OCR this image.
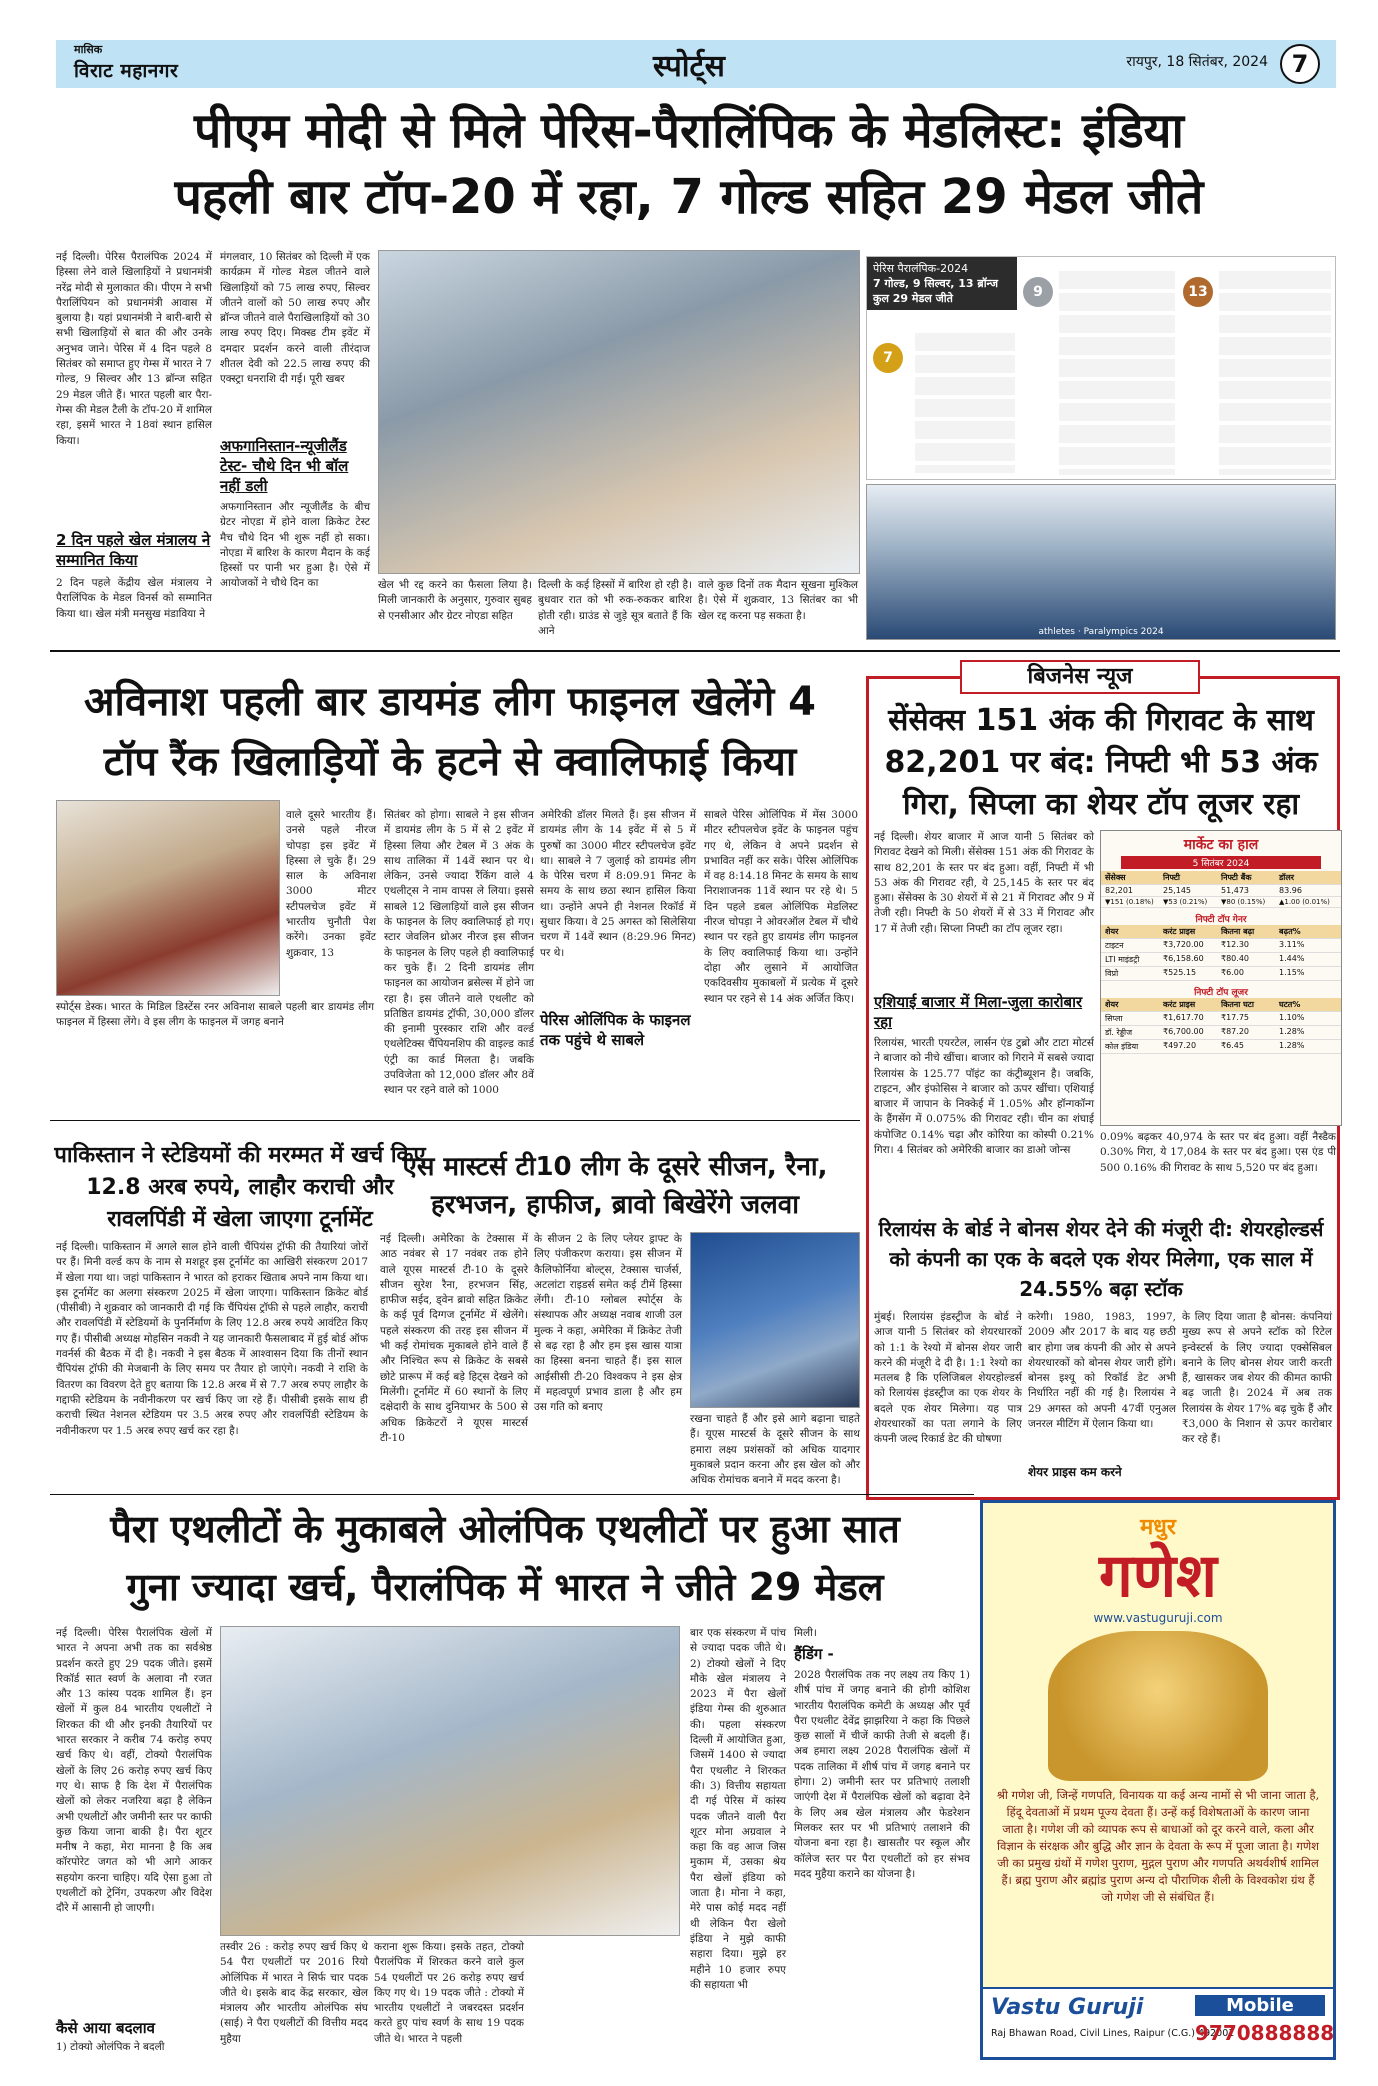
मासिक
विराट महानगर	स्पोर्ट्स	रायपुर, 18 सितंबर, 2024 7
पीएम मोदी से मिले पेरिस-पैरालिंपिक के मेडलिस्ट: इंडिया
पहली बार टॉप-20 में रहा, 7 गोल्ड सहित 29 मेडल जीते
नई दिल्ली। पेरिस पैरालंपिक 2024 में हिस्सा लेने वाले खिलाड़ियों ने प्रधानमंत्री नरेंद्र मोदी से मुलाकात की। पीएम ने सभी पैरालिंपियन को प्रधानमंत्री आवास में बुलाया है। यहां प्रधानमंत्री ने बारी-बारी से सभी खिलाड़ियों से बात की और उनके अनुभव जाने। पेरिस में 4 दिन पहले 8 सितंबर को समाप्त हुए गेम्स में भारत ने 7 गोल्ड, 9 सिल्वर और 13 ब्रॉन्ज सहित 29 मेडल जीते हैं। भारत पहली बार पैरा-गेम्स की मेडल टैली के टॉप-20 में शामिल रहा, इसमें भारत ने 18वां स्थान हासिल किया।
2 दिन पहले खेल मंत्रालय ने सम्मानित किया
2 दिन पहले केंद्रीय खेल मंत्रालय ने पैरालिंपिक के मेडल विनर्स को सम्मानित किया था। खेल मंत्री मनसुख मंडाविया ने
मंगलवार, 10 सितंबर को दिल्ली में एक कार्यक्रम में गोल्ड मेडल जीतने वाले खिलाड़ियों को 75 लाख रुपए, सिल्वर जीतने वालों को 50 लाख रुपए और ब्रॉन्ज जीतने वाले पैराखिलाड़ियों को 30 लाख रुपए दिए। मिक्स्ड टीम इवेंट में दमदार प्रदर्शन करने वाली तीरंदाज शीतल देवी को 22.5 लाख रुपए की एक्स्ट्रा धनराशि दी गई। पूरी खबर
अफगानिस्तान-न्यूजीलैंड टेस्ट- चौथे दिन भी बॉल नहीं डली
अफगानिस्तान और न्यूजीलैंड के बीच ग्रेटर नोएडा में होने वाला क्रिकेट टेस्ट मैच चौथे दिन भी शुरू नहीं हो सका। नोएडा में बारिश के कारण मैदान के कई हिस्सों पर पानी भर हुआ है। ऐसे में आयोजकों ने चौथे दिन का	खेल भी रद्द करने का फैसला लिया है। मिली जानकारी के अनुसार, गुरुवार सुबह से एनसीआर और ग्रेटर नोएडा सहित
दिल्ली के कई हिस्सों में बारिश हो रही है। बुधवार रात को भी रुक-रुककर बारिश होती रही। ग्राउंड से जुड़े सूत्र बताते हैं कि आने
वाले कुछ दिनों तक मैदान सूखना मुश्किल है। ऐसे में शुक्रवार, 13 सितंबर का भी खेल रद्द करना पड़ सकता है।
पेरिस पैरालंपिक-2024
7 गोल्ड, 9 सिल्वर, 13 ब्रॉन्ज कुल 29 मेडल जीते
7
9	13
athletes · Paralympics 2024
अविनाश पहली बार डायमंड लीग फाइनल खेलेंगे 4
टॉप रैंक खिलाड़ियों के हटने से क्वालिफाई किया
वाले दूसरे भारतीय हैं। उनसे पहले नीरज चोपड़ा इस इवेंट में हिस्सा ले चुके हैं। 29 साल के अविनाश 3000 मीटर स्टीपलचेज इवेंट में भारतीय चुनौती पेश करेंगे। उनका इवेंट शुक्रवार, 13
स्पोर्ट्स डेस्क। भारत के मिडिल डिस्टेंस रनर अविनाश साबले पहली बार डायमंड लीग फाइनल में हिस्सा लेंगे। वे इस लीग के फाइनल में जगह बनाने
सितंबर को होगा। साबले ने इस सीजन में डायमंड लीग के 5 में से 2 इवेंट में हिस्सा लिया और टेबल में 3 अंक के साथ तालिका में 14वें स्थान पर थे। लेकिन, उनसे ज्यादा रैंकिंग वाले 4 एथलीट्स ने नाम वापस ले लिया। इससे साबले 12 खिलाड़ियों वाले इस सीजन के फाइनल के लिए क्वालिफाई हो गए। स्टार जेवलिन थ्रोअर नीरज इस सीजन के फाइनल के लिए पहले ही क्वालिफाई कर चुके हैं। 2 दिनी डायमंड लीग फाइनल का आयोजन ब्रसेल्स में होने जा रहा है। इस जीतने वाले एथलीट को प्रतिष्ठित डायमंड ट्रॉफी, 30,000 डॉलर की इनामी पुरस्कार राशि और वर्ल्ड एथलेटिक्स चैंपियनशिप की वाइल्ड कार्ड एंट्री का कार्ड मिलता है। जबकि उपविजेता को 12,000 डॉलर और 8वें स्थान पर रहने वाले को 1000
अमेरिकी डॉलर मिलते हैं। इस सीजन में डायमंड लीग के 14 इवेंट में से 5 में पुरुषों का 3000 मीटर स्टीपलचेज इवेंट था। साबले ने 7 जुलाई को डायमंड लीग के पेरिस चरण में 8:09.91 मिनट के समय के साथ छठा स्थान हासिल किया था। उन्होंने अपने ही नेशनल रिकॉर्ड में सुधार किया। वे 25 अगस्त को सिलेसिया चरण में 14वें स्थान (8:29.96 मिनट) पर थे।
पेरिस ओलिंपिक के फाइनल तक पहुंचे थे साबले
साबले पेरिस ओलिंपिक में मेंस 3000 मीटर स्टीपलचेज इवेंट के फाइनल पहुंच गए थे, लेकिन वे अपने प्रदर्शन से प्रभावित नहीं कर सके। पेरिस ओलिंपिक में वह 8:14.18 मिनट के समय के साथ निराशाजनक 11वें स्थान पर रहे थे। 5 दिन पहले डबल ओलिंपिक मेडलिस्ट नीरज चोपड़ा ने ओवरऑल टेबल में चौथे स्थान पर रहते हुए डायमंड लीग फाइनल के लिए क्वालिफाई किया था। उन्होंने दोहा और लुसाने में आयोजित एकदिवसीय मुकाबलों में प्रत्येक में दूसरे स्थान पर रहने से 14 अंक अर्जित किए।
पाकिस्तान ने स्टेडियमों की मरम्मत में खर्च किए 12.8 अरब रुपये, लाहौर कराची और रावलपिंडी में खेला जाएगा टूर्नामेंट
नई दिल्ली। पाकिस्तान में अगले साल होने वाली चैंपियंस ट्रॉफी की तैयारियां जोरों पर हैं। मिनी वर्ल्ड कप के नाम से मशहूर इस टूर्नामेंट का आखिरी संस्करण 2017 में खेला गया था। जहां पाकिस्तान ने भारत को हराकर खिताब अपने नाम किया था। इस टूर्नामेंट का अलगा संस्करण 2025 में खेला जाएगा। पाकिस्तान क्रिकेट बोर्ड (पीसीबी) ने शुक्रवार को जानकारी दी गई कि चैंपियंस ट्रॉफी से पहले लाहौर, कराची और रावलपिंडी में स्टेडियमों के पुनर्निर्माण के लिए 12.8 अरब रुपये आवंटित किए गए हैं। पीसीबी अध्यक्ष मोहसिन नकवी ने यह जानकारी फैसलाबाद में हुई बोर्ड ऑफ गवर्नर्स की बैठक में दी है। नकवी ने इस बैठक में आश्वासन दिया कि तीनों स्थान चैंपियंस ट्रॉफी की मेजबानी के लिए समय पर तैयार हो जाएंगे। नकवी ने राशि के वितरण का विवरण देते हुए बताया कि 12.8 अरब में से 7.7 अरब रुपए लाहौर के गद्दाफी स्टेडियम के नवीनीकरण पर खर्च किए जा रहे हैं। पीसीबी इसके साथ ही कराची स्थित नेशनल स्टेडियम पर 3.5 अरब रुपए और रावलपिंडी स्टेडियम के नवीनीकरण पर 1.5 अरब रुपए खर्च कर रहा है।
एस मास्टर्स टी10 लीग के दूसरे सीजन, रैना, हरभजन, हाफीज, ब्रावो बिखेरेंगे जलवा
नई दिल्ली। अमेरिका के टेक्सास में आठ नवंबर से 17 नवंबर तक होने वाले यूएस मास्टर्स टी-10 के दूसरे सीजन सुरेश रैना, हरभजन सिंह, हाफीज सईद, ड्वेन ब्रावो सहित क्रिकेट के कई पूर्व दिग्गज टूर्नामेंट में खेलेंगे। पहले संस्करण की तरह इस सीजन में भी कई रोमांचक मुकाबले होने वाले हैं और निश्चित रूप से क्रिकेट के सबसे छोटे प्रारूप में कई बड़े हिट्स देखने को मिलेंगी। टूर्नामेंट में 60 स्थानों के लिए दक्षेदारी के साथ दुनियाभर के 500 से अधिक क्रिकेटरों ने यूएस मास्टर्स टी-10
के सीजन 2 के लिए प्लेयर ड्राफ्ट के लिए पंजीकरण कराया। इस सीजन में कैलिफोर्निया बोल्ट्स, टेक्सास चार्जर्स, अटलांटा राइडर्स समेत कई टीमें हिस्सा लेंगी। टी-10 ग्लोबल स्पोर्ट्स के संस्थापक और अध्यक्ष नवाब शाजी उल मुल्क ने कहा, अमेरिका में क्रिकेट तेजी से बढ़ रहा है और हम इस खास यात्रा का हिस्सा बनना चाहते हैं। इस साल आईसीसी टी-20 विश्वकप ने इस क्षेत्र में महत्वपूर्ण प्रभाव डाला है और हम उस गति को बनाए
रखना चाहते हैं और इसे आगे बढ़ाना चाहते हैं। यूएस मास्टर्स के दूसरे सीजन के साथ हमारा लक्ष्य प्रशंसकों को अधिक यादगार मुकाबले प्रदान करना और इस खेल को और अधिक रोमांचक बनाने में मदद करना है।
बिजनेस न्यूज
सेंसेक्स 151 अंक की गिरावट के साथ 82,201 पर बंद: निफ्टी भी 53 अंक गिरा, सिप्ला का शेयर टॉप लूजर रहा
नई दिल्ली। शेयर बाजार में आज यानी 5 सितंबर को गिरावट देखने को मिली। सेंसेक्स 151 अंक की गिरावट के साथ 82,201 के स्तर पर बंद हुआ। वहीं, निफ्टी में भी 53 अंक की गिरावट रही, ये 25,145 के स्तर पर बंद हुआ। सेंसेक्स के 30 शेयरों में से 21 में गिरावट और 9 में तेजी रही। निफ्टी के 50 शेयरों में से 33 में गिरावट और 17 में तेजी रही। सिप्ला निफ्टी का टॉप लूजर रहा।
एशियाई बाजार में मिला-जुला कारोबार रहा
रिलायंस, भारती एयरटेल, लार्सन एंड टुब्रो और टाटा मोटर्स ने बाजार को नीचे खींचा। बाजार को गिराने में सबसे ज्यादा रिलायंस के 125.77 पॉइंट का कंट्रीब्यूशन है। जबकि, टाइटन, और इंफोसिस ने बाजार को ऊपर खींचा। एशियाई बाजार में जापान के निक्केई में 1.05% और हॉन्गकॉन्ग के हैंगसेंग में 0.075% की गिरावट रही। चीन का शंघाई कंपोजिट 0.14% चढ़ा और कोरिया का कोस्पी 0.21% गिरा। 4 सितंबर को अमेरिकी बाजार का डाओ जोन्स
0.09% बढ़कर 40,974 के स्तर पर बंद हुआ। वहीं नैस्डैक 0.30% गिरा, ये 17,084 के स्तर पर बंद हुआ। एस एंड पी 500 0.16% की गिरावट के साथ 5,520 पर बंद हुआ।
मार्केट का हाल
5 सितंबर 2024
सेंसेक्स	निफ्टी	निफ्टी बैंक	डॉलर
82,201	25,145	51,473	83.96
▼151 (0.18%)	▼53 (0.21%)	▼80 (0.15%)	▲1.00 (0.01%)
निफ्टी टॉप गेनर
शेयर	करंट प्राइस	कितना बढ़ा	बढ़त%
टाइटन	₹3,720.00	₹12.30	3.11%
LTI माइंडट्री	₹6,158.60	₹80.40	1.44%
विप्रो	₹525.15	₹6.00	1.15%
निफ्टी टॉप लूजर
शेयर	करंट प्राइस	कितना घटा	घटत%
सिप्ला	₹1,617.70	₹17.75	1.10%
डॉ. रेड्डीज	₹6,700.00	₹87.20	1.28%
कोल इंडिया	₹497.20	₹6.45	1.28%
रिलायंस के बोर्ड ने बोनस शेयर देने की मंजूरी दी: शेयरहोल्डर्स को कंपनी का एक के बदले एक शेयर मिलेगा, एक साल में 24.55% बढ़ा स्टॉक
मुंबई। रिलायंस इंडस्ट्रीज के बोर्ड ने आज यानी 5 सितंबर को शेयरधारकों को 1:1 के रेश्यो में बोनस शेयर जारी करने की मंजूरी दे दी है। 1:1 रेश्यो का मतलब है कि एलिजिबल शेयरहोल्डर्स को रिलायंस इंडस्ट्रीज का एक शेयर के बदले एक शेयर मिलेगा। यह पात्र शेयरधारकों का पता लगाने के लिए कंपनी जल्द रिकार्ड डेट की घोषणा
करेगी। 1980, 1983, 1997, 2009 और 2017 के बाद यह छठी बार होगा जब कंपनी की ओर से अपने शेयरधारकों को बोनस शेयर जारी होंगे। बोनस इश्यू को रिकॉर्ड डेट अभी निर्धारित नहीं की गई है। रिलायंस ने 29 अगस्त को अपनी 47वीं एनुअल जनरल मीटिंग में ऐलान किया था।
शेयर प्राइस कम करने
के लिए दिया जाता है बोनस: कंपनियां मुख्य रूप से अपने स्टॉक को रिटेल इन्वेस्टर्स के लिए ज्यादा एक्सेसिबल बनाने के लिए बोनस शेयर जारी करती हैं, खासकर जब शेयर की कीमत काफी बढ़ जाती है। 2024 में अब तक रिलायंस के शेयर 17% बढ़ चुके हैं और ₹3,000 के निशान से ऊपर कारोबार कर रहे हैं।
पैरा एथलीटों के मुकाबले ओलंपिक एथलीटों पर हुआ सात
गुना ज्यादा खर्च, पैरालंपिक में भारत ने जीते 29 मेडल
नई दिल्ली। पेरिस पैरालंपिक खेलों में भारत ने अपना अभी तक का सर्वश्रेष्ठ प्रदर्शन करते हुए 29 पदक जीते। इसमें रिकॉर्ड सात स्वर्ण के अलावा नौ रजत और 13 कांस्य पदक शामिल हैं। इन खेलों में कुल 84 भारतीय एथलीटों ने शिरकत की थी और इनकी तैयारियों पर भारत सरकार ने करीब 74 करोड़ रुपए खर्च किए थे। वहीं, टोक्यो पैरालंपिक खेलों के लिए 26 करोड़ रुपए खर्च किए गए थे। साफ है कि देश में पैरालंपिक खेलों को लेकर नजरिया बढ़ा है लेकिन अभी एथलीटों और जमीनी स्तर पर काफी कुछ किया जाना बाकी है। पैरा शूटर मनीष ने कहा, मेरा मानना है कि अब कॉरपोरेट जगत को भी आगे आकर सहयोग करना चाहिए। यदि ऐसा हुआ तो एथलीटों को ट्रेनिंग, उपकरण और विदेश दौरे में आसानी हो जाएगी।
कैसे आया बदलाव
1) टोक्यो ओलंपिक ने बदली
तस्वीर 26 : करोड़ रुपए खर्च किए थे 54 पैरा एथलीटों पर 2016 रियो ओलिंपिक में भारत ने सिर्फ चार पदक जीते थे। इसके बाद केंद्र सरकार, खेल मंत्रालय और भारतीय ओलंपिक संघ (साई) ने पैरा एथलीटों की वित्तीय मदद मुहैया
कराना शुरू किया। इसके तहत, टोक्यो पैरालंपिक में शिरकत करने वाले कुल 54 एथलीटों पर 26 करोड़ रुपए खर्च किए गए थे। 19 पदक जीते : टोक्यो में भारतीय एथलीटों ने जबरदस्त प्रदर्शन करते हुए पांच स्वर्ण के साथ 19 पदक जीते थे। भारत ने पहली
बार एक संस्करण में पांच से ज्यादा पदक जीते थे। 2) टोक्यो खेलों ने दिए मौके खेल मंत्रालय ने 2023 में पैरा खेलों इंडिया गेम्स की शुरुआत की। पहला संस्करण दिल्ली में आयोजित हुआ, जिसमें 1400 से ज्यादा पैरा एथलीट ने शिरकत की। 3) वित्तीय सहायता दी गई पेरिस में कांस्य पदक जीतने वाली पैरा शूटर मोना अग्रवाल ने कहा कि वह आज जिस मुकाम में, उसका श्रेय पैरा खेलों इंडिया को जाता है। मोना ने कहा, मेरे पास कोई मदद नहीं थी लेकिन पैरा खेलो इंडिया ने मुझे काफी सहारा दिया। मुझे हर महीने 10 हजार रुपए की सहायता भी
मिली।
हैंडिंग -
2028 पैरालंपिक तक नए लक्ष्य तय किए 1) शीर्ष पांच में जगह बनाने की होगी कोशिश भारतीय पैरालंपिक कमेटी के अध्यक्ष और पूर्व पैरा एथलीट देवेंद्र झाझरिया ने कहा कि पिछले कुछ सालों में चीजें काफी तेजी से बदली हैं। अब हमारा लक्ष्य 2028 पैरालंपिक खेलों में पदक तालिका में शीर्ष पांच में जगह बनाने पर होगा। 2) जमीनी स्तर पर प्रतिभाएं तलाशी जाएंगी देश में पैरालंपिक खेलों को बढ़ावा देने के लिए अब खेल मंत्रालय और फेडरेशन मिलकर स्तर पर भी प्रतिभाएं तलाशने की योजना बना रहा है। खासतौर पर स्कूल और कॉलेज स्तर पर पैरा एथलीटों को हर संभव मदद मुहैया कराने का योजना है।
मधुर
गणेश
www.vastuguruji.com
श्री गणेश जी, जिन्हें गणपति, विनायक या कई अन्य नामों से भी जाना जाता है, हिंदू देवताओं में प्रथम पूज्य देवता हैं। उन्हें कई विशेषताओं के कारण जाना जाता है। गणेश जी को व्यापक रूप से बाधाओं को दूर करने वाले, कला और विज्ञान के संरक्षक और बुद्धि और ज्ञान के देवता के रूप में पूजा जाता है। गणेश जी का प्रमुख ग्रंथों में गणेश पुराण, मुद्गल पुराण और गणपति अथर्वशीर्ष शामिल हैं। ब्रह्म पुराण और ब्रह्मांड पुराण अन्य दो पौराणिक शैली के विश्वकोश ग्रंथ हैं जो गणेश जी से संबंधित हैं।
Vastu Guruji
Raj Bhawan Road, Civil Lines, Raipur (C.G.) 492001
Mobile
9770888888
